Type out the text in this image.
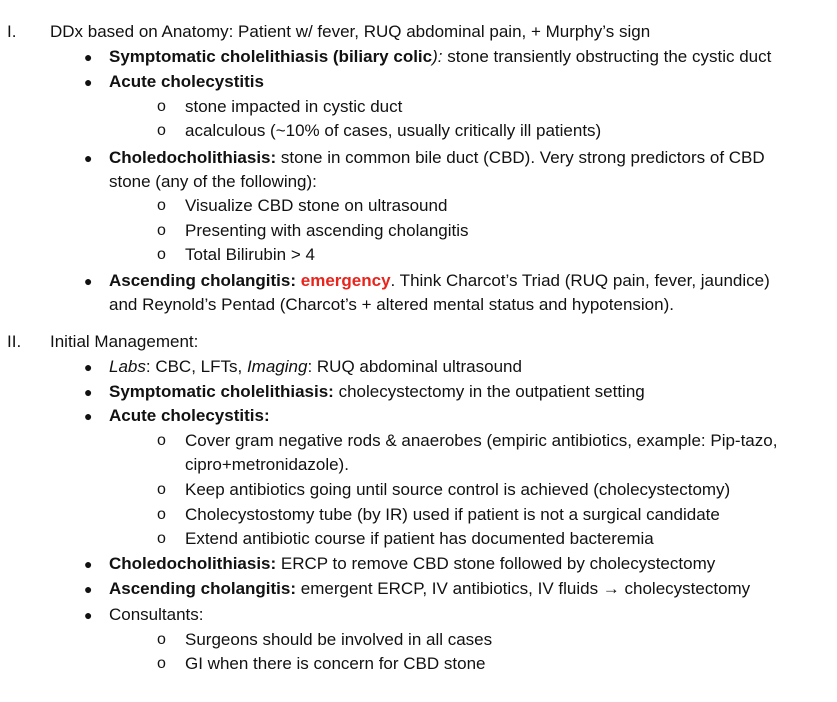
I. DDx based on Anatomy: Patient w/ fever, RUQ abdominal pain, + Murphy’s sign
● Symptomatic cholelithiasis (biliary colic): stone transiently obstructing the cystic duct
● Acute cholecystitis
o stone impacted in cystic duct
o acalculous (~10% of cases, usually critically ill patients)
● Choledocholithiasis: stone in common bile duct (CBD). Very strong predictors of CBD
stone (any of the following):
o Visualize CBD stone on ultrasound
o Presenting with ascending cholangitis
o Total Bilirubin > 4
● Ascending cholangitis: emergency. Think Charcot’s Triad (RUQ pain, fever, jaundice)
and Reynold’s Pentad (Charcot’s + altered mental status and hypotension).
II. Initial Management:
● Labs: CBC, LFTs, Imaging: RUQ abdominal ultrasound
● Symptomatic cholelithiasis: cholecystectomy in the outpatient setting
● Acute cholecystitis:
o Cover gram negative rods & anaerobes (empiric antibiotics, example: Pip-tazo,
cipro+metronidazole).
o Keep antibiotics going until source control is achieved (cholecystectomy)
o Cholecystostomy tube (by IR) used if patient is not a surgical candidate
o Extend antibiotic course if patient has documented bacteremia
● Choledocholithiasis: ERCP to remove CBD stone followed by cholecystectomy
● Ascending cholangitis: emergent ERCP, IV antibiotics, IV fluids → cholecystectomy
● Consultants:
o Surgeons should be involved in all cases
o GI when there is concern for CBD stone
